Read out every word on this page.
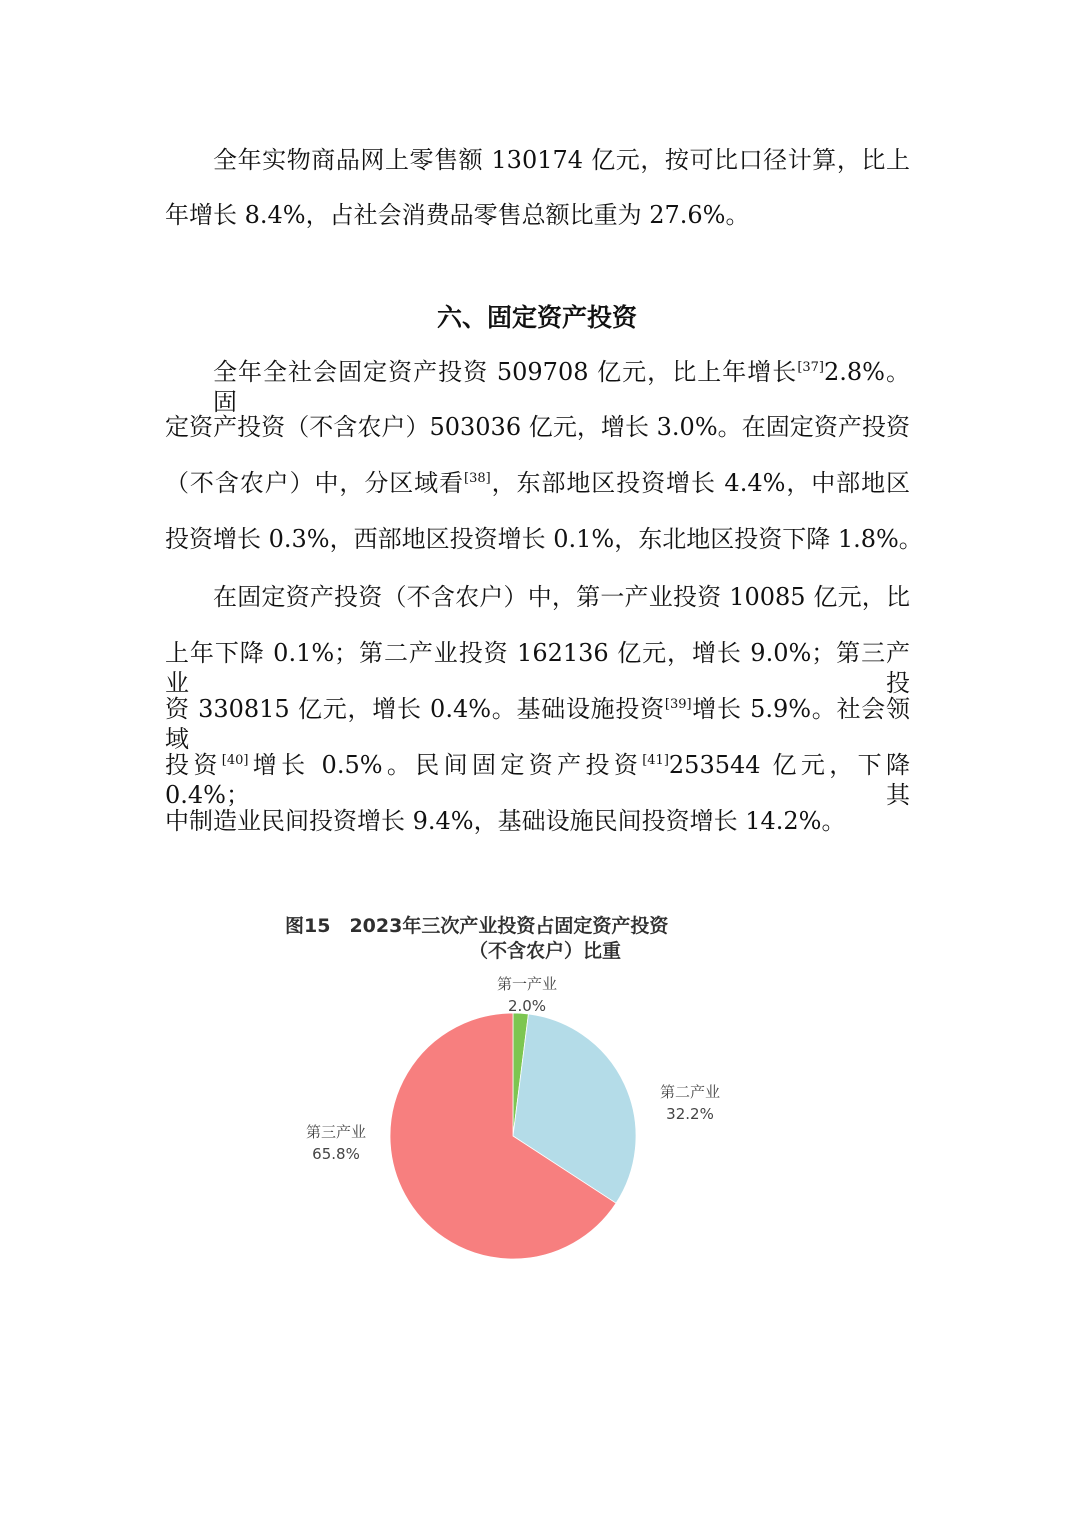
全年实物商品网上零售额 130174 亿元，按可比口径计算，比上
年增长 8.4%，占社会消费品零售总额比重为 27.6%。
六、固定资产投资
全年全社会固定资产投资 509708 亿元，比上年增长[37]2.8%。固
定资产投资（不含农户）503036 亿元，增长 3.0%。在固定资产投资
（不含农户）中，分区域看[38]，东部地区投资增长 4.4%，中部地区
投资增长 0.3%，西部地区投资增长 0.1%，东北地区投资下降 1.8%。
在固定资产投资（不含农户）中，第一产业投资 10085 亿元，比
上年下降 0.1%；第二产业投资 162136 亿元，增长 9.0%；第三产业投
资 330815 亿元，增长 0.4%。基础设施投资[39]增长 5.9%。社会领域
投资[40]增长 0.5%。民间固定资产投资[41]253544 亿元，下降 0.4%；其
中制造业民间投资增长 9.4%，基础设施民间投资增长 14.2%。
图15　2023年三次产业投资占固定资产投资
（不含农户）比重
第一产业
2.0%
第二产业
32.2%
第三产业
65.8%
